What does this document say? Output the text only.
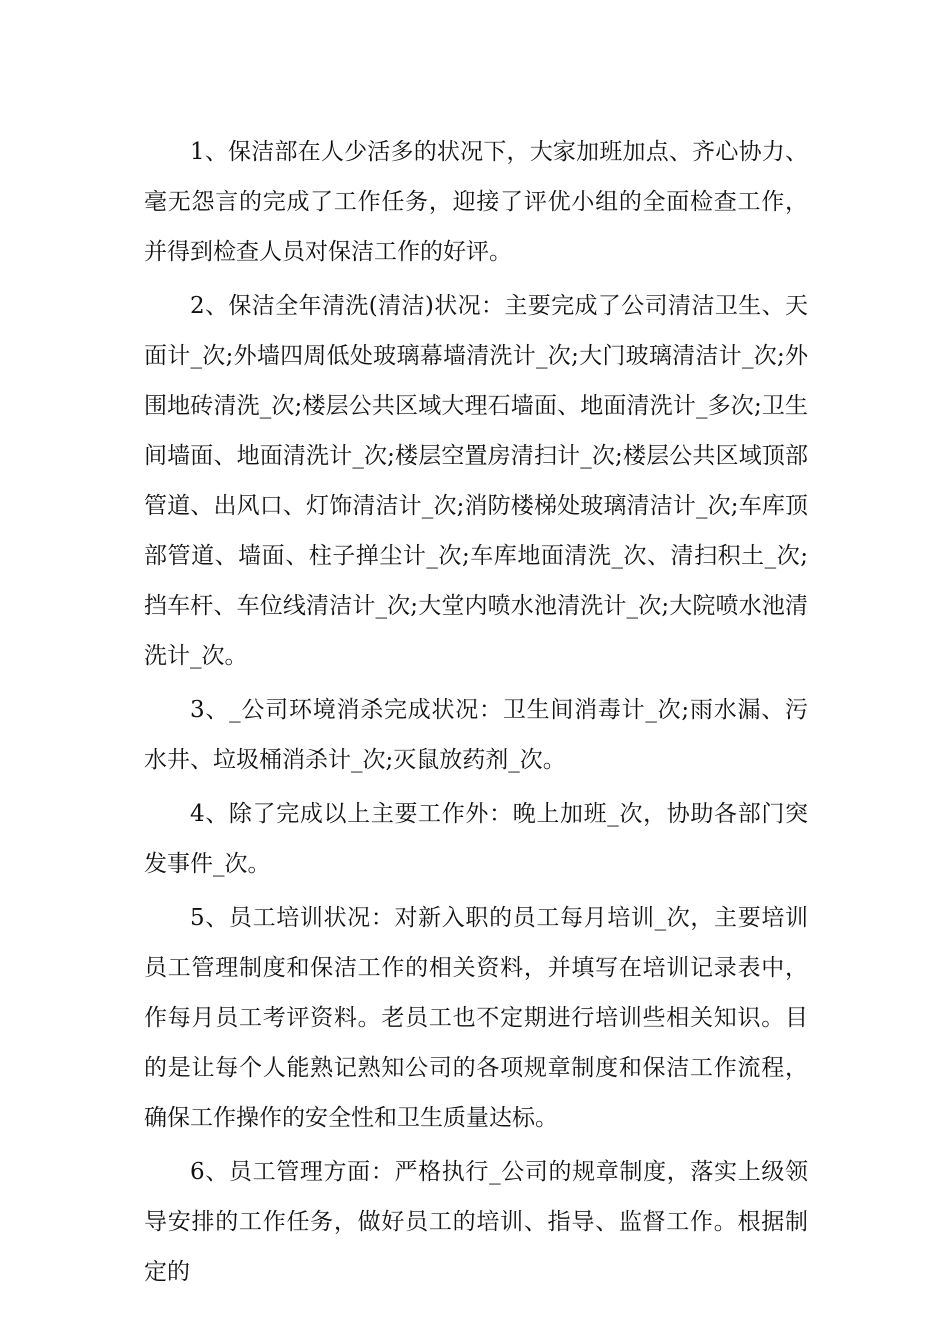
1、保洁部在人少活多的状况下，大家加班加点、齐心协力、毫无怨言的完成了工作任务，迎接了评优小组的全面检查工作，并得到检查人员对保洁工作的好评。

2、保洁全年清洗(清洁)状况：主要完成了公司清洁卫生、天面计_次;外墙四周低处玻璃幕墙清洗计_次;大门玻璃清洁计_次;外围地砖清洗_次;楼层公共区域大理石墙面、地面清洗计_多次;卫生间墙面、地面清洗计_次;楼层空置房清扫计_次;楼层公共区域顶部管道、出风口、灯饰清洁计_次;消防楼梯处玻璃清洁计_次;车库顶部管道、墙面、柱子掸尘计_次;车库地面清洗_次、清扫积土_次;挡车杆、车位线清洁计_次;大堂内喷水池清洗计_次;大院喷水池清洗计_次。

3、_公司环境消杀完成状况：卫生间消毒计_次;雨水漏、污水井、垃圾桶消杀计_次;灭鼠放药剂_次。

4、除了完成以上主要工作外：晚上加班_次，协助各部门突发事件_次。

5、员工培训状况：对新入职的员工每月培训_次，主要培训员工管理制度和保洁工作的相关资料，并填写在培训记录表中，作每月员工考评资料。老员工也不定期进行培训些相关知识。目的是让每个人能熟记熟知公司的各项规章制度和保洁工作流程，确保工作操作的安全性和卫生质量达标。

6、员工管理方面：严格执行_公司的规章制度，落实上级领导安排的工作任务，做好员工的培训、指导、监督工作。根据制定的
